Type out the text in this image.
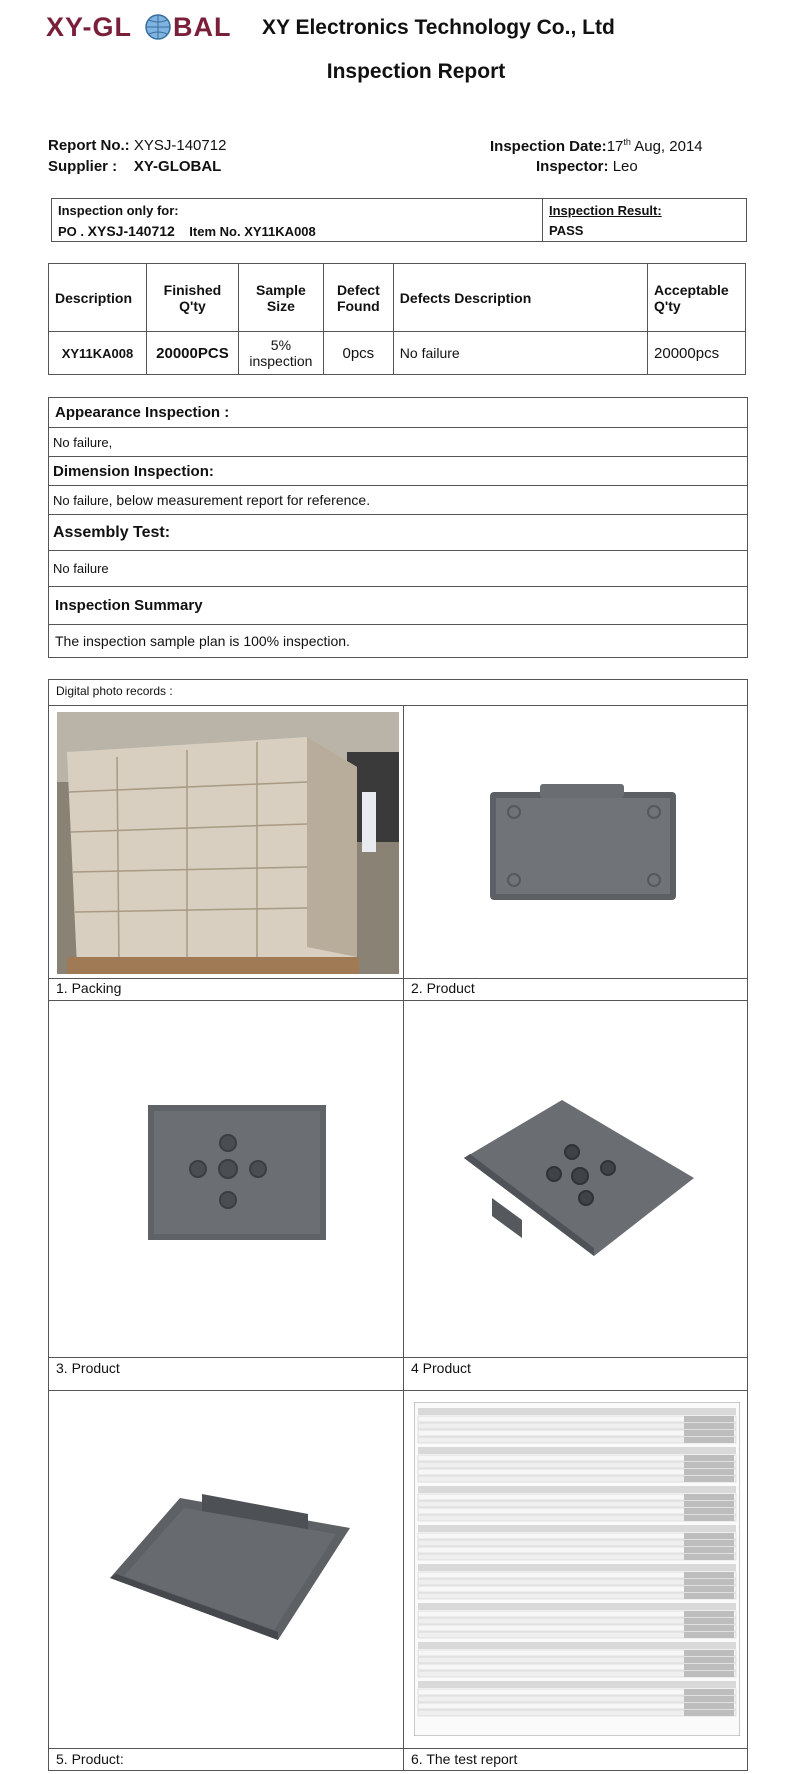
XY-GL BAL XY Electronics Technology Co., Ltd
Inspection Report
Report No.: XYSJ-140712
Supplier : XY-GLOBAL
Inspection Date:17th Aug, 2014
Inspector: Leo
Inspection only for:
PO . XYSJ-140712 Item No. XY11KA008
Inspection Result:
PASS
Description	Finished Q'ty	Sample Size	Defect Found	Defects Description	Acceptable Q'ty
XY11KA008	20000PCS	5% inspection	0pcs	No failure	20000pcs
Appearance Inspection :
No failure,
Dimension Inspection:
No failure , below measurement report for reference.
Assembly Test:
No failure
Inspection Summary
The inspection sample plan is 100% inspection.
Digital photo records :
1. Packing	2. Product
3. Product	4 Product
5. Product:	6. The test report
